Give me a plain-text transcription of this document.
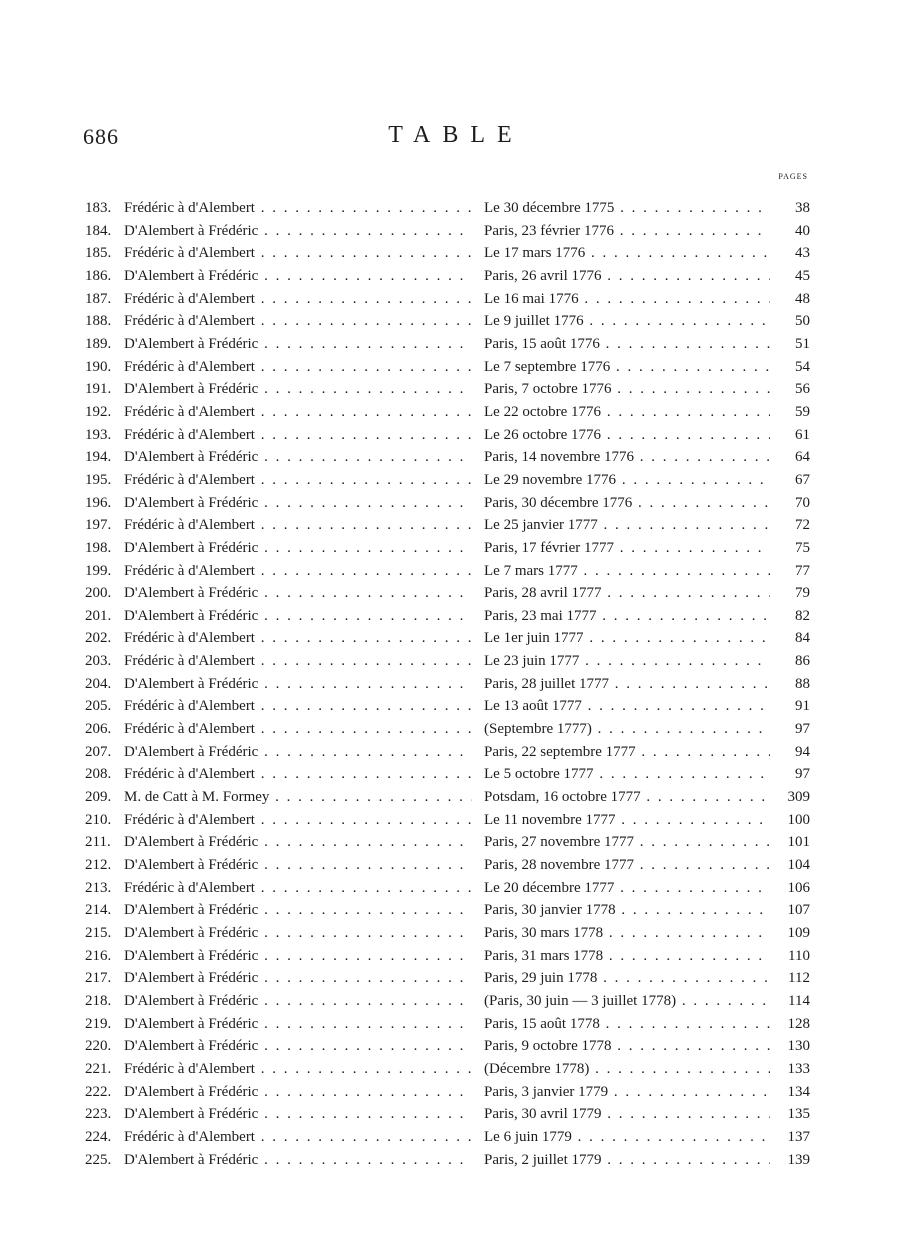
686	TABLE
PAGES
183. Frédéric à d'Alembert . . .	Le 30 décembre 1775 . . .	38
184. D'Alembert à Frédéric . . .	Paris, 23 février 1776 . . .	40
185. Frédéric à d'Alembert . . .	Le 17 mars 1776 . . .	43
186. D'Alembert à Frédéric . . .	Paris, 26 avril 1776 . . .	45
187. Frédéric à d'Alembert . . .	Le 16 mai 1776 . . .	48
188. Frédéric à d'Alembert . . .	Le 9 juillet 1776 . . .	50
189. D'Alembert à Frédéric . . .	Paris, 15 août 1776 . . .	51
190. Frédéric à d'Alembert . . .	Le 7 septembre 1776 . . .	54
191. D'Alembert à Frédéric . . .	Paris, 7 octobre 1776 . . .	56
192. Frédéric à d'Alembert . . .	Le 22 octobre 1776 . . .	59
193. Frédéric à d'Alembert . . .	Le 26 octobre 1776 . . .	61
194. D'Alembert à Frédéric . . .	Paris, 14 novembre 1776 . . .	64
195. Frédéric à d'Alembert . . .	Le 29 novembre 1776 . . .	67
196. D'Alembert à Frédéric . . .	Paris, 30 décembre 1776 . . .	70
197. Frédéric à d'Alembert . . .	Le 25 janvier 1777 . . .	72
198. D'Alembert à Frédéric . . .	Paris, 17 février 1777 . . .	75
199. Frédéric à d'Alembert . . .	Le 7 mars 1777 . . .	77
200. D'Alembert à Frédéric . . .	Paris, 28 avril 1777 . . .	79
201. D'Alembert à Frédéric . . .	Paris, 23 mai 1777 . . .	82
202. Frédéric à d'Alembert . . .	Le 1er juin 1777 . . .	84
203. Frédéric à d'Alembert . . .	Le 23 juin 1777 . . .	86
204. D'Alembert à Frédéric . . .	Paris, 28 juillet 1777 . . .	88
205. Frédéric à d'Alembert . . .	Le 13 août 1777 . . .	91
206. Frédéric à d'Alembert . . .	(Septembre 1777) . . .	97
207. D'Alembert à Frédéric . . .	Paris, 22 septembre 1777 . . .	94
208. Frédéric à d'Alembert . . .	Le 5 octobre 1777 . . .	97
209. M. de Catt à M. Formey . . .	Potsdam, 16 octobre 1777 . . .	309
210. Frédéric à d'Alembert . . .	Le 11 novembre 1777 . . .	100
211. D'Alembert à Frédéric . . .	Paris, 27 novembre 1777 . . .	101
212. D'Alembert à Frédéric . . .	Paris, 28 novembre 1777 . . .	104
213. Frédéric à d'Alembert . . .	Le 20 décembre 1777 . . .	106
214. D'Alembert à Frédéric . . .	Paris, 30 janvier 1778 . . .	107
215. D'Alembert à Frédéric . . .	Paris, 30 mars 1778 . . .	109
216. D'Alembert à Frédéric . . .	Paris, 31 mars 1778 . . .	110
217. D'Alembert à Frédéric . . .	Paris, 29 juin 1778 . . .	112
218. D'Alembert à Frédéric . . .	(Paris, 30 juin — 3 juillet 1778) . . .	114
219. D'Alembert à Frédéric . . .	Paris, 15 août 1778 . . .	128
220. D'Alembert à Frédéric . . .	Paris, 9 octobre 1778 . . .	130
221. Frédéric à d'Alembert . . .	(Décembre 1778) . . .	133
222. D'Alembert à Frédéric . . .	Paris, 3 janvier 1779 . . .	134
223. D'Alembert à Frédéric . . .	Paris, 30 avril 1779 . . .	135
224. Frédéric à d'Alembert . . .	Le 6 juin 1779 . . .	137
225. D'Alembert à Frédéric . . .	Paris, 2 juillet 1779 . . .	139
